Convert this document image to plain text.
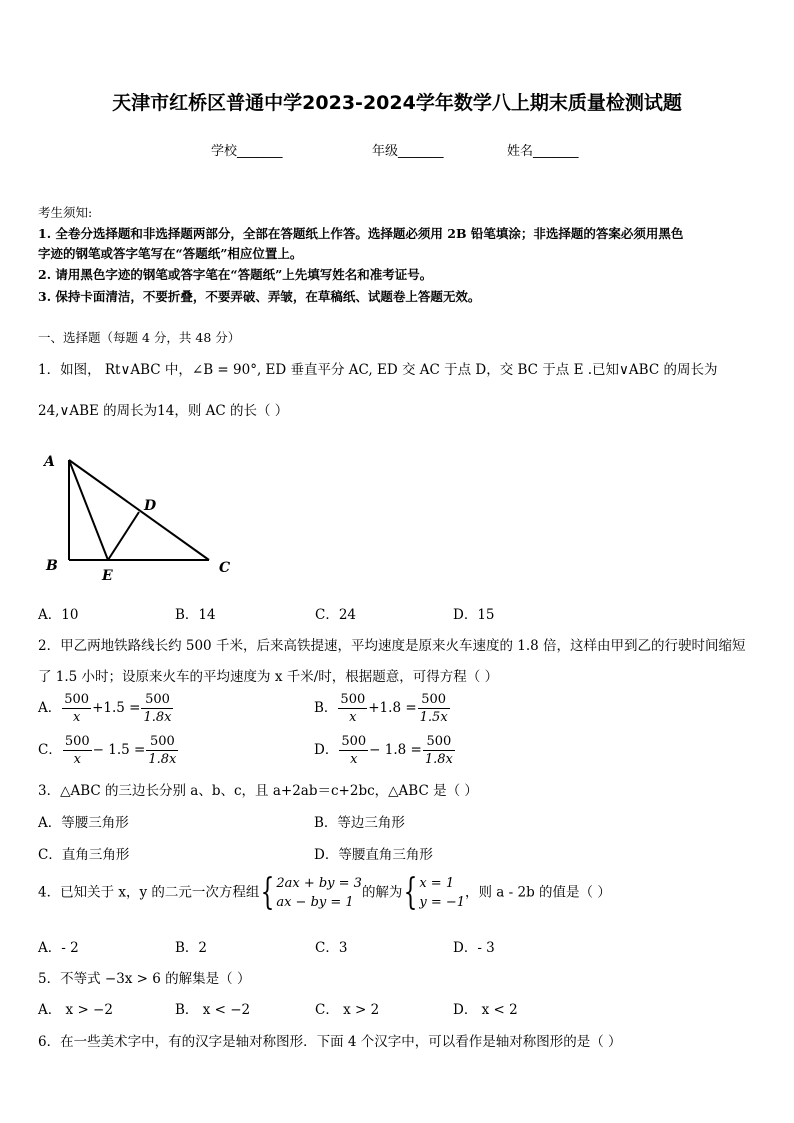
天津市红桥区普通中学2023-2024学年数学八上期末质量检测试题
学校_______	年级_______	姓名_______
考生须知:
1. 全卷分选择题和非选择题两部分，全部在答题纸上作答。选择题必须用 2B 铅笔填涂；非选择题的答案必须用黑色
字迹的钢笔或答字笔写在“答题纸”相应位置上。
2. 请用黑色字迹的钢笔或答字笔在“答题纸”上先填写姓名和准考证号。
3. 保持卡面清洁，不要折叠，不要弄破、弄皱，在草稿纸、试题卷上答题无效。
一、选择题（每题 4 分，共 48 分）
1．如图， Rt∨ABC 中，∠B = 90°, ED 垂直平分 AC, ED 交 AC 于点 D，交 BC 于点 E .已知∨ABC 的周长为
24,∨ABE 的周长为14，则 AC 的长（ ）
A
B	C
D
E
A．10	B．14	C．24	D．15
2．甲乙两地铁路线长约 500 千米，后来高铁提速，平均速度是原来火车速度的 1.8 倍，这样由甲到乙的行驶时间缩短
了 1.5 小时；设原来火车的平均速度为 x 千米/时，根据题意，可得方程（ ）
A． $\frac{500}{x} +1.5 = \frac{500}{1.8x}$	B． $\frac{500}{x} +1.8 = \frac{500}{1.5x}$
C． $\frac{500}{x} - 1.5 = \frac{500}{1.8x}$	D． $\frac{500}{x} - 1.8 = \frac{500}{1.8x}$
3．△ABC 的三边长分别 a、b、c，且 a+2ab＝c+2bc，△ABC 是（ ）
A．等腰三角形	B．等边三角形
C．直角三角形	D．等腰直角三角形
4．已知关于 x，y 的二元一次方程组{ 2ax + by = 3
ax − by = 1
的解为{ x = 1
y = −1
，则 a - 2b 的值是（ ）
A．- 2	B．2	C．3	D．- 3
5．不等式 −3x > 6 的解集是（ ）
A． x > −2	B． x < −2	C． x > 2	D． x < 2
6．在一些美术字中，有的汉字是轴对称图形．下面 4 个汉字中，可以看作是轴对称图形的是（ ）
